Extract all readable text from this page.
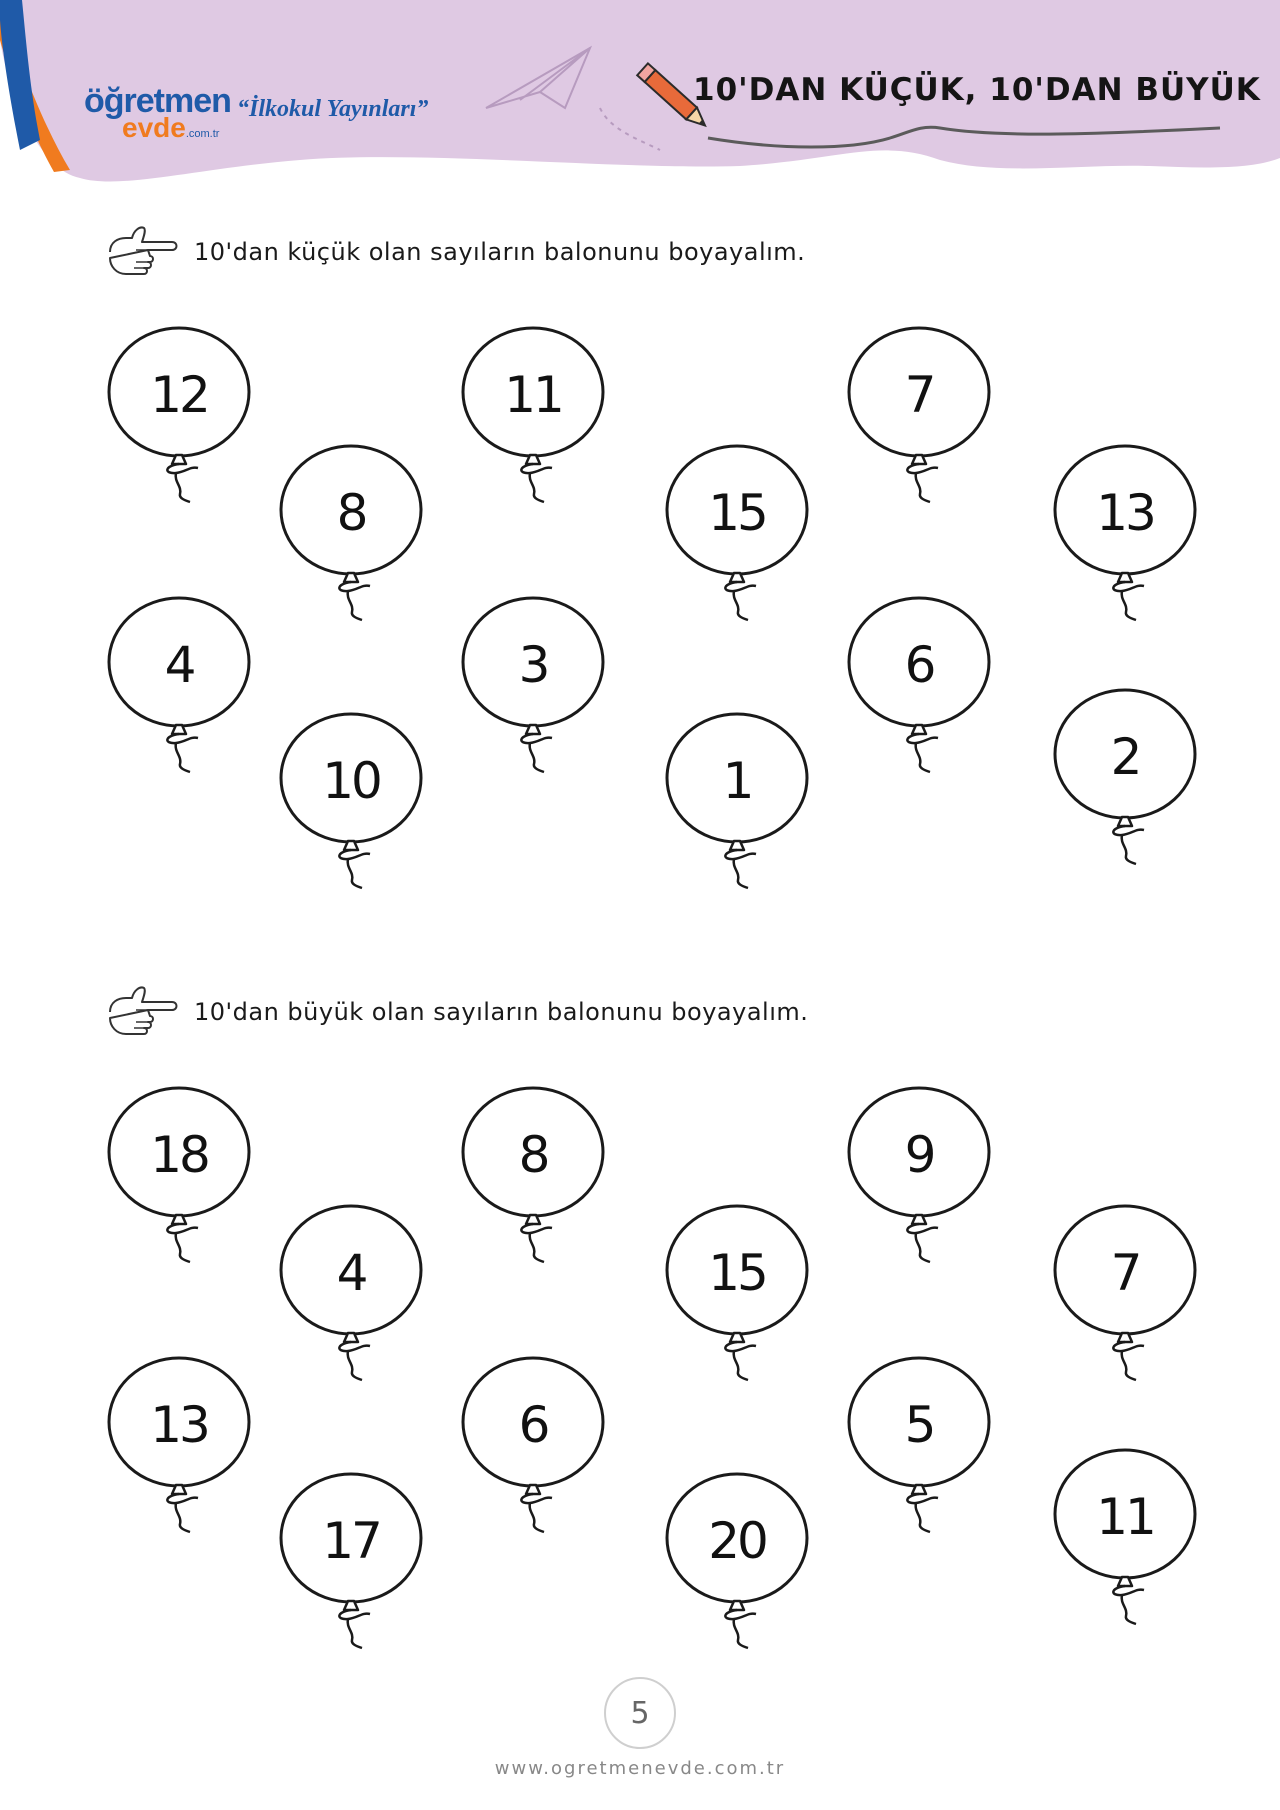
öğretmen
evde.com.tr
“İlkokul Yayınları”
10'DAN KÜÇÜK, 10'DAN BÜYÜK
10'dan küçük olan sayıların balonunu boyayalım.
12	11	7
8	15	13
4	3	6
10	1	2
10'dan büyük olan sayıların balonunu boyayalım.
18	8	9
4	15	7
13	6	5
17	20	11
5
www.ogretmenevde.com.tr
